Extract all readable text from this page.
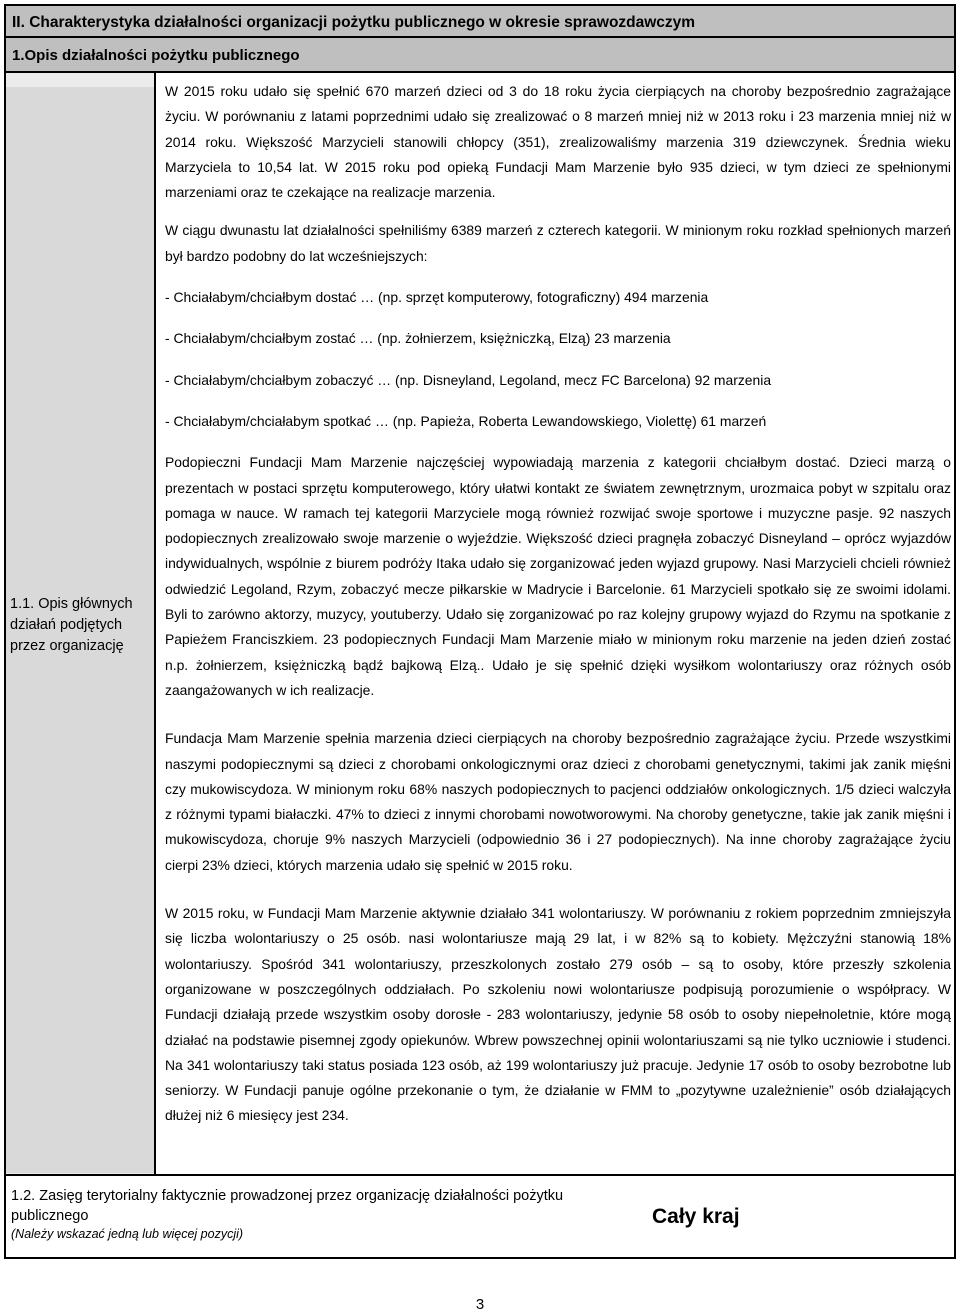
II. Charakterystyka działalności organizacji pożytku publicznego w okresie sprawozdawczym
1.Opis działalności pożytku publicznego
1.1. Opis głównych działań podjętych przez organizację

W 2015 roku udało się spełnić 670 marzeń dzieci od 3 do 18 roku życia cierpiących na choroby bezpośrednio zagrażające życiu. W porównaniu z latami poprzednimi udało się zrealizować o 8 marzeń mniej niż w 2013 roku i 23 marzenia mniej niż w 2014 roku. Większość Marzycieli stanowili chłopcy (351), zrealizowaliśmy marzenia 319 dziewczynek. Średnia wieku Marzyciela to 10,54 lat. W 2015 roku pod opieką Fundacji Mam Marzenie było 935 dzieci, w tym dzieci ze spełnionymi marzeniami oraz te czekające na realizacje marzenia.

W ciągu dwunastu lat działalności spełniliśmy 6389 marzeń z czterech kategorii. W minionym roku rozkład spełnionych marzeń był bardzo podobny do lat wcześniejszych:

- Chciałabym/chciałbym dostać … (np. sprzęt komputerowy, fotograficzny) 494 marzenia

- Chciałabym/chciałbym zostać … (np. żołnierzem, księżniczką, Elzą) 23 marzenia

- Chciałabym/chciałbym zobaczyć … (np. Disneyland, Legoland, mecz FC Barcelona) 92 marzenia

- Chciałabym/chciałabym spotkać … (np. Papieża, Roberta Lewandowskiego, Violettę) 61 marzeń

Podopieczni Fundacji Mam Marzenie najczęściej wypowiadają marzenia z kategorii chciałbym dostać. Dzieci marzą o prezentach w postaci sprzętu komputerowego, który ułatwi kontakt ze światem zewnętrznym, urozmaica pobyt w szpitalu oraz pomaga w nauce. W ramach tej kategorii Marzyciele mogą również rozwijać swoje sportowe i muzyczne pasje. 92 naszych podopiecznych zrealizowało swoje marzenie o wyjeździe. Większość dzieci pragnęła zobaczyć Disneyland – oprócz wyjazdów indywidualnych, wspólnie z biurem podróży Itaka udało się zorganizować jeden wyjazd grupowy. Nasi Marzycieli chcieli również odwiedzić Legoland, Rzym, zobaczyć mecze piłkarskie w Madrycie i Barcelonie. 61 Marzycieli spotkało się ze swoimi idolami. Byli to zarówno aktorzy, muzycy, youtuberzy. Udało się zorganizować po raz kolejny grupowy wyjazd do Rzymu na spotkanie z Papieżem Franciszkiem. 23 podopiecznych Fundacji Mam Marzenie miało w minionym roku marzenie na jeden dzień zostać n.p. żołnierzem, księżniczką bądź bajkową Elzą.. Udało je się spełnić dzięki wysiłkom wolontariuszy oraz różnych osób zaangażowanych w ich realizacje.

Fundacja Mam Marzenie spełnia marzenia dzieci cierpiących na choroby bezpośrednio zagrażające życiu. Przede wszystkimi naszymi podopiecznymi są dzieci z chorobami onkologicznymi oraz dzieci z chorobami genetycznymi, takimi jak zanik mięśni czy mukowiscydoza. W minionym roku 68% naszych podopiecznych to pacjenci oddziałów onkologicznych. 1/5 dzieci walczyła z różnymi typami białaczki. 47% to dzieci z innymi chorobami nowotworowymi. Na choroby genetyczne, takie jak zanik mięśni i mukowiscydoza, choruje 9% naszych Marzycieli (odpowiednio 36 i 27 podopiecznych). Na inne choroby zagrażające życiu cierpi 23% dzieci, których marzenia udało się spełnić w 2015 roku.

W 2015 roku, w Fundacji Mam Marzenie aktywnie działało 341 wolontariuszy. W porównaniu z rokiem poprzednim zmniejszyła się liczba wolontariuszy o 25 osób. nasi wolontariusze mają 29 lat, i w 82% są to kobiety. Mężczyźni stanowią 18% wolontariuszy. Spośród 341 wolontariuszy, przeszkolonych zostało 279 osób – są to osoby, które przeszły szkolenia organizowane w poszczególnych oddziałach. Po szkoleniu nowi wolontariusze podpisują porozumienie o współpracy. W Fundacji działają przede wszystkim osoby dorosłe - 283 wolontariuszy, jedynie 58 osób to osoby niepełnoletnie, które mogą działać na podstawie pisemnej zgody opiekunów. Wbrew powszechnej opinii wolontariuszami są nie tylko uczniowie i studenci. Na 341 wolontariuszy taki status posiada 123 osób, aż 199 wolontariuszy już pracuje. Jedynie 17 osób to osoby bezrobotne lub seniorzy. W Fundacji panuje ogólne przekonanie o tym, że działanie w FMM to „pozytywne uzależnienie” osób działających dłużej niż 6 miesięcy jest 234.

1.2. Zasięg terytorialny faktycznie prowadzonej przez organizację działalności pożytku publicznego
(Należy wskazać jedną lub więcej pozycji)
Cały kraj
3
